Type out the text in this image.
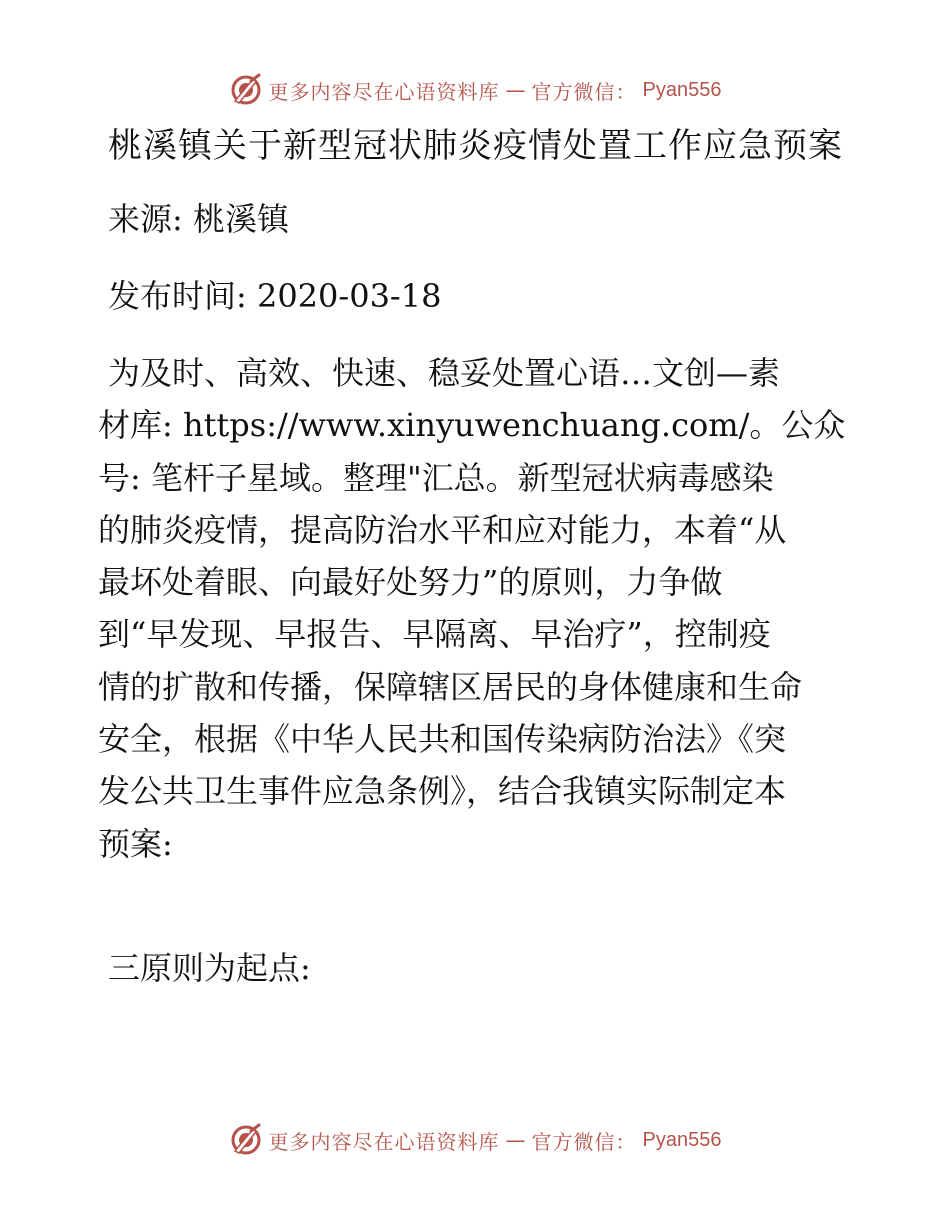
更多内容尽在心语资料库 — 官方微信： Pyan556
桃溪镇关于新型冠状肺炎疫情处置工作应急预案
来源: 桃溪镇
发布时间: 2020-03-18
为及时、高效、快速、稳妥处置心语…文创—素
材库: https://www.xinyuwenchuang.com/。公众
号: 笔杆子星域。整理"汇总。新型冠状病毒感染
的肺炎疫情，提高防治水平和应对能力，本着“从
最坏处着眼、向最好处努力”的原则，力争做
到“早发现、早报告、早隔离、早治疗”，控制疫
情的扩散和传播，保障辖区居民的身体健康和生命
安全，根据《中华人民共和国传染病防治法》《突
发公共卫生事件应急条例》，结合我镇实际制定本
预案:
三原则为起点:
更多内容尽在心语资料库 — 官方微信： Pyan556
